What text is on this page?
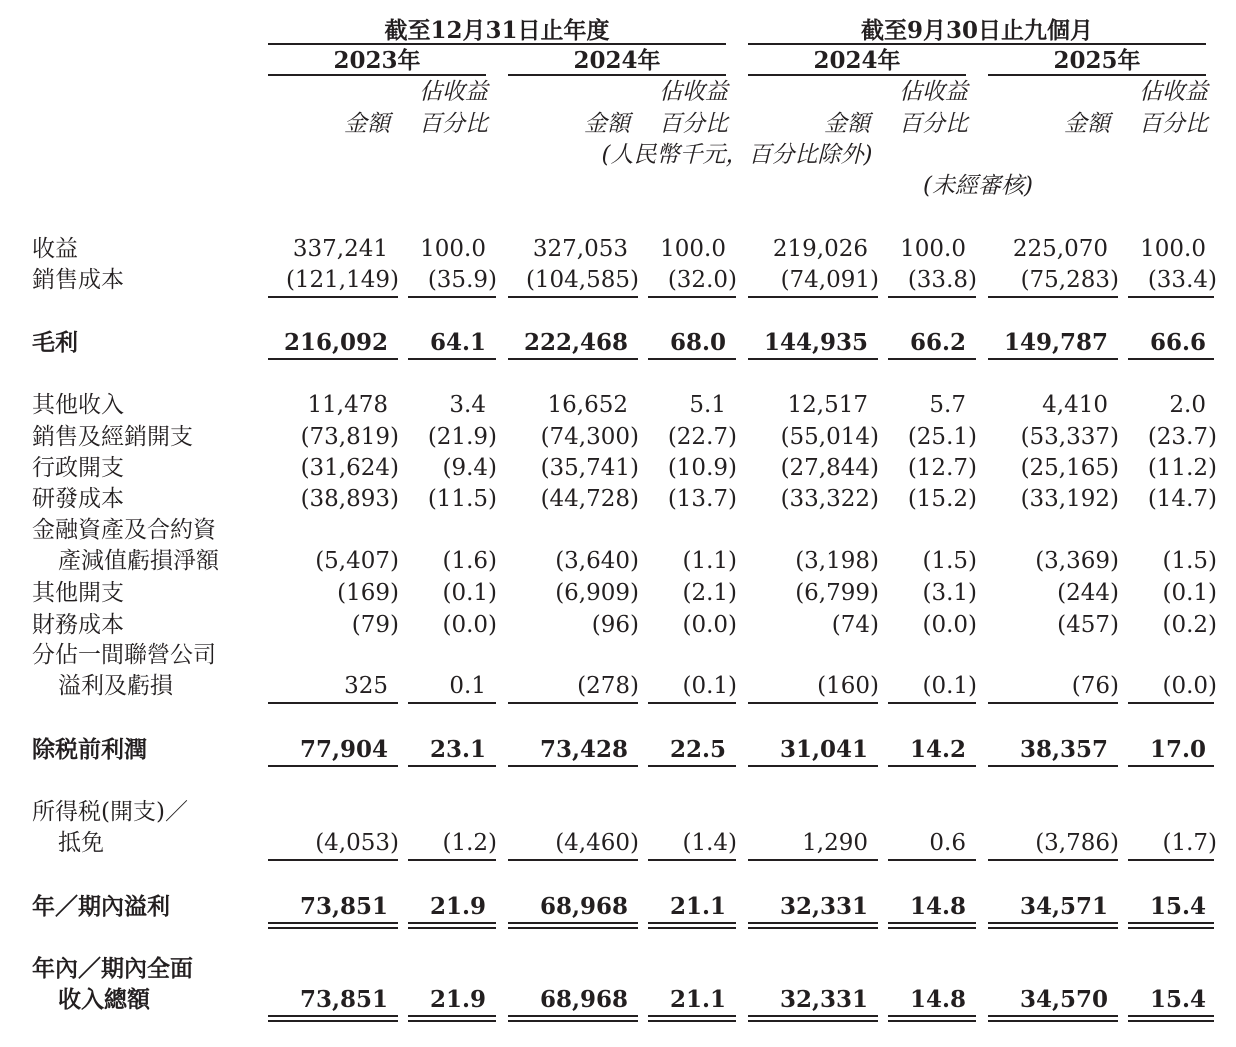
截至12月31日止年度	截至9月30日止九個月
2023年	2024年	2024年	2025年
佔收益	佔收益	佔收益	佔收益
金額	百分比	金額	百分比	金額	百分比	金額	百分比
(人民幣千元，百分比除外)
(未經審核)
收益	337,241	100.0	327,053	100.0	219,026	100.0	225,070	100.0
銷售成本	(121,149)	(35.9)	(104,585)	(32.0)	(74,091)	(33.8)	(75,283)	(33.4)
毛利	216,092	64.1	222,468	68.0	144,935	66.2	149,787	66.6
其他收入	11,478	3.4	16,652	5.1	12,517	5.7	4,410	2.0
銷售及經銷開支	(73,819)	(21.9)	(74,300)	(22.7)	(55,014)	(25.1)	(53,337)	(23.7)
行政開支	(31,624)	(9.4)	(35,741)	(10.9)	(27,844)	(12.7)	(25,165)	(11.2)
研發成本	(38,893)	(11.5)	(44,728)	(13.7)	(33,322)	(15.2)	(33,192)	(14.7)
金融資產及合約資
產減值虧損淨額	(5,407)	(1.6)	(3,640)	(1.1)	(3,198)	(1.5)	(3,369)	(1.5)
其他開支	(169)	(0.1)	(6,909)	(2.1)	(6,799)	(3.1)	(244)	(0.1)
財務成本	(79)	(0.0)	(96)	(0.0)	(74)	(0.0)	(457)	(0.2)
分佔一間聯營公司
溢利及虧損	325	0.1	(278)	(0.1)	(160)	(0.1)	(76)	(0.0)
除税前利潤	77,904	23.1	73,428	22.5	31,041	14.2	38,357	17.0
所得税(開支)／
抵免	(4,053)	(1.2)	(4,460)	(1.4)	1,290	0.6	(3,786)	(1.7)
年／期內溢利	73,851	21.9	68,968	21.1	32,331	14.8	34,571	15.4
年內／期內全面
收入總額	73,851	21.9	68,968	21.1	32,331	14.8	34,570	15.4
